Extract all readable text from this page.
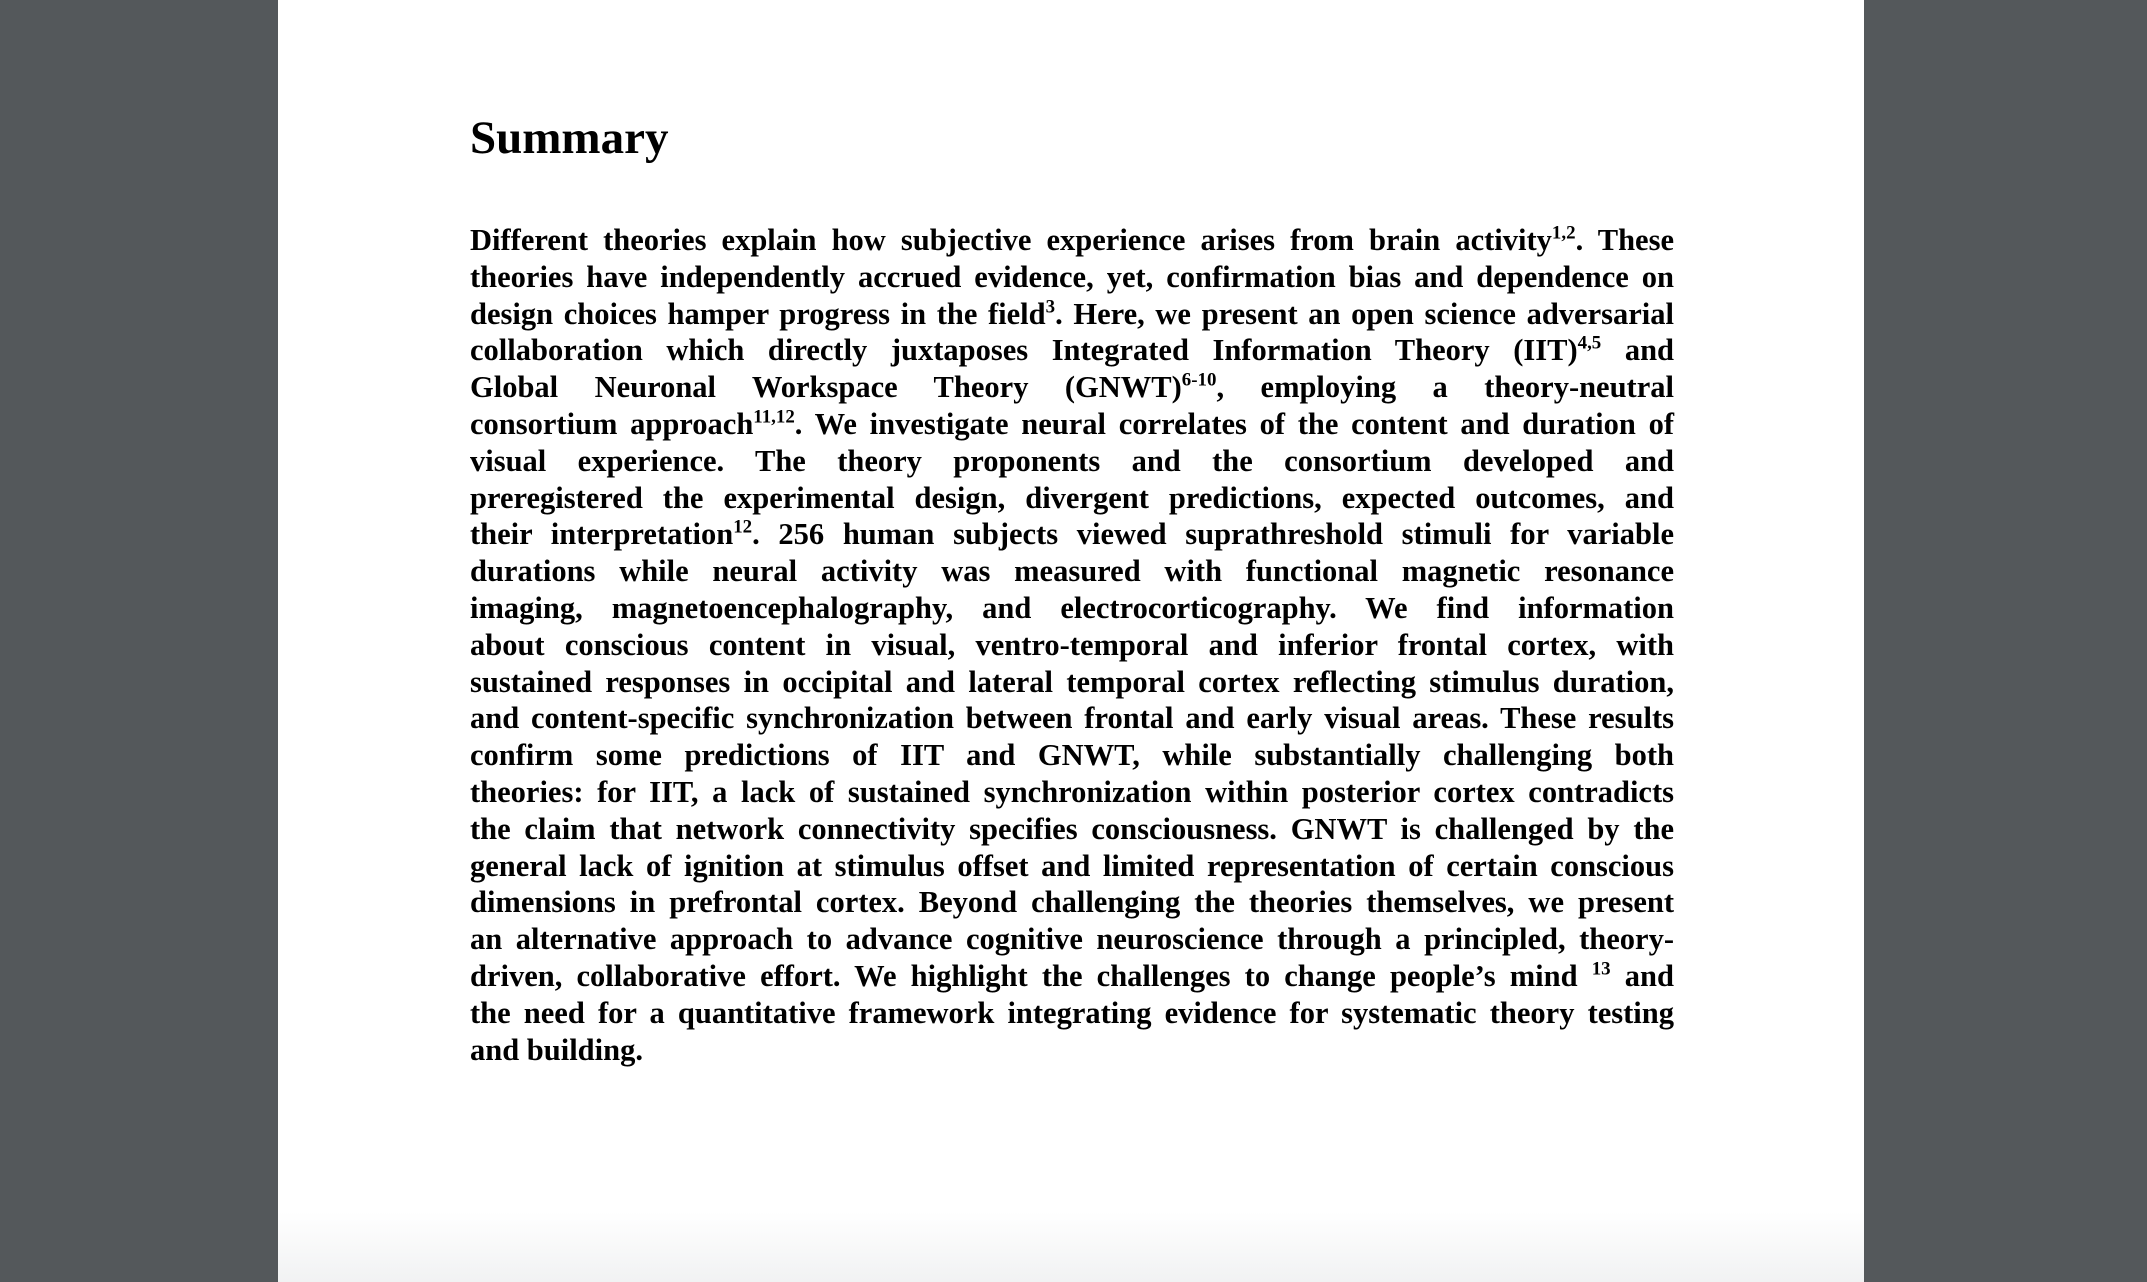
Summary

Different theories explain how subjective experience arises from brain activity$^{1,2}$. These
theories have independently accrued evidence, yet, confirmation bias and dependence on
design choices hamper progress in the field$^3$. Here, we present an open science adversarial
collaboration which directly juxtaposes Integrated Information Theory (IIT)$^{4,5}$ and
Global Neuronal Workspace Theory (GNWT)$^{6-10}$, employing a theory-neutral
consortium approach$^{11,12}$. We investigate neural correlates of the content and duration of
visual experience. The theory proponents and the consortium developed and
preregistered the experimental design, divergent predictions, expected outcomes, and
their interpretation$^{12}$. 256 human subjects viewed suprathreshold stimuli for variable
durations while neural activity was measured with functional magnetic resonance
imaging, magnetoencephalography, and electrocorticography. We find information
about conscious content in visual, ventro-temporal and inferior frontal cortex, with
sustained responses in occipital and lateral temporal cortex reflecting stimulus duration,
and content-specific synchronization between frontal and early visual areas. These results
confirm some predictions of IIT and GNWT, while substantially challenging both
theories: for IIT, a lack of sustained synchronization within posterior cortex contradicts
the claim that network connectivity specifies consciousness. GNWT is challenged by the
general lack of ignition at stimulus offset and limited representation of certain conscious
dimensions in prefrontal cortex. Beyond challenging the theories themselves, we present
an alternative approach to advance cognitive neuroscience through a principled, theory-
driven, collaborative effort. We highlight the challenges to change people’s mind $^{13}$ and
the need for a quantitative framework integrating evidence for systematic theory testing
and building.
